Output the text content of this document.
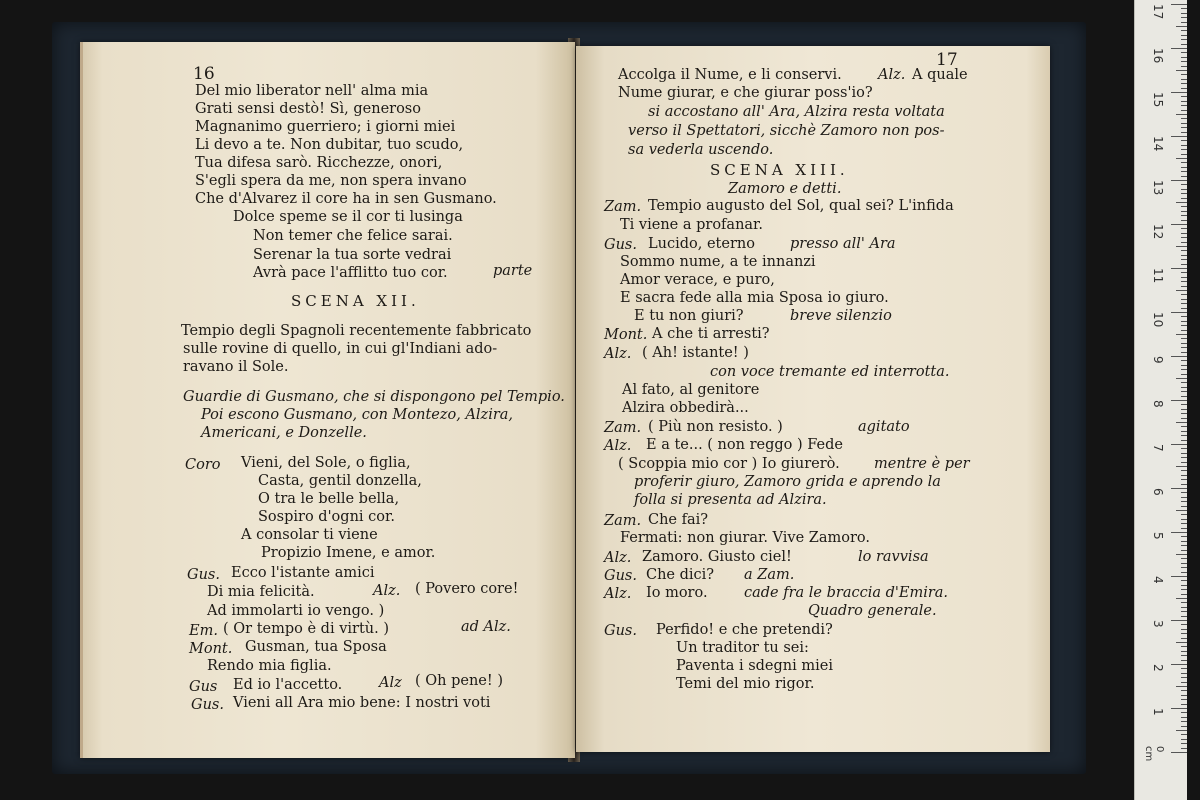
16
Del mio liberator nell' alma mia
Grati sensi destò! Sì, generoso
Magnanimo guerriero; i giorni miei
Li devo a te. Non dubitar, tuo scudo,
Tua difesa sarò. Ricchezze, onori,
S'egli spera da me, non spera invano
Che d'Alvarez il core ha in sen Gusmano.
Dolce speme se il cor ti lusinga
Non temer che felice sarai.
Serenar la tua sorte vedrai
Avrà pace l'afflitto tuo cor.	parte
SCENA XII.
Tempio degli Spagnoli recentemente fabbricato
sulle rovine di quello, in cui gl'Indiani ado-
ravano il Sole.
Guardie di Gusmano, che si dispongono pel Tempio.
Poi escono Gusmano, con Montezo, Alzira,
Americani, e Donzelle.
Coro Vieni, del Sole, o figlia,
Casta, gentil donzella,
O tra le belle bella,
Sospiro d'ogni cor.
A consolar ti viene
Propizio Imene, e amor.
Gus. Ecco l'istante amici
Di mia felicità.	Alz. ( Povero core!
Ad immolarti io vengo. )
Em. ( Or tempo è di virtù. )	ad Alz.
Mont. Gusman, tua Sposa
Rendo mia figlia.
Gus Ed io l'accetto.	Alz ( Oh pene! )
Gus. Vieni all Ara mio bene: I nostri voti
17
Accolga il Nume, e li conservi.	Alz. A quale
Nume giurar, e che giurar poss'io?
si accostano all' Ara, Alzira resta voltata
verso il Spettatori, sicchè Zamoro non pos-
sa vederla uscendo.
SCENA XIII.
Zamoro e detti.
Zam. Tempio augusto del Sol, qual sei? L'infida
Ti viene a profanar.
Gus. Lucido, eterno presso all' Ara
Sommo nume, a te innanzi
Amor verace, e puro,
E sacra fede alla mia Sposa io giuro.
E tu non giuri?	breve silenzio
Mont. A che ti arresti?
Alz. ( Ah! istante! )
con voce tremante ed interrotta.
Al fato, al genitore
Alzira obbedirà...
Zam. ( Più non resisto. )	agitato
Alz. E a te... ( non reggo ) Fede
( Scoppia mio cor ) Io giurerò. mentre è per
proferir giuro, Zamoro grida e aprendo la
folla si presenta ad Alzira.
Zam. Che fai?
Fermati: non giurar. Vive Zamoro.
Alz. Zamoro. Giusto ciel!	lo ravvisa
Gus. Che dici? a Zam.
Alz. Io moro.	cade fra le braccia d'Emira.
Quadro generale.
Gus. Perfido! e che pretendi?
Un traditor tu sei:
Paventa i sdegni miei
Temi del mio rigor.
17
16
15
14
13
12
11
10
9
8
7
6
5
4
3
2
1
0 cm
